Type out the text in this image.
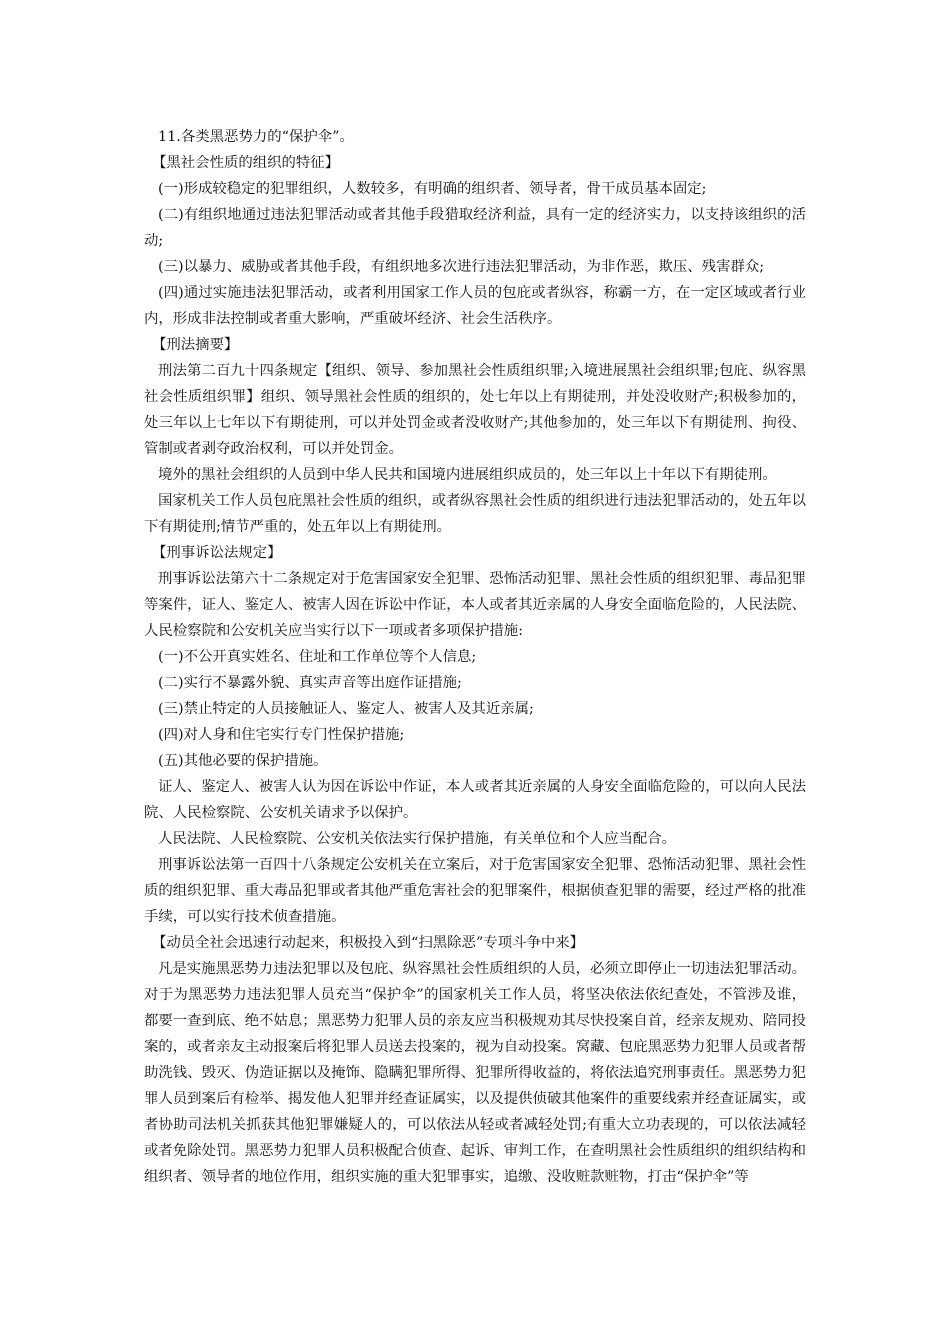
11.各类黑恶势力的“保护伞”。

【黑社会性质的组织的特征】

(一)形成较稳定的犯罪组织，人数较多，有明确的组织者、领导者，骨干成员基本固定;

(二)有组织地通过违法犯罪活动或者其他手段猎取经济利益，具有一定的经济实力，以支持该组织的活动;

(三)以暴力、威胁或者其他手段，有组织地多次进行违法犯罪活动，为非作恶，欺压、残害群众;

(四)通过实施违法犯罪活动，或者利用国家工作人员的包庇或者纵容，称霸一方，在一定区域或者行业内，形成非法控制或者重大影响，严重破坏经济、社会生活秩序。

【刑法摘要】

刑法第二百九十四条规定【组织、领导、参加黑社会性质组织罪;入境进展黑社会组织罪;包庇、纵容黑社会性质组织罪】组织、领导黑社会性质的组织的，处七年以上有期徒刑，并处没收财产;积极参加的，处三年以上七年以下有期徒刑，可以并处罚金或者没收财产;其他参加的，处三年以下有期徒刑、拘役、管制或者剥夺政治权利，可以并处罚金。

境外的黑社会组织的人员到中华人民共和国境内进展组织成员的，处三年以上十年以下有期徒刑。

国家机关工作人员包庇黑社会性质的组织，或者纵容黑社会性质的组织进行违法犯罪活动的，处五年以下有期徒刑;情节严重的，处五年以上有期徒刑。

【刑事诉讼法规定】

刑事诉讼法第六十二条规定对于危害国家安全犯罪、恐怖活动犯罪、黑社会性质的组织犯罪、毒品犯罪等案件，证人、鉴定人、被害人因在诉讼中作证，本人或者其近亲属的人身安全面临危险的，人民法院、人民检察院和公安机关应当实行以下一项或者多项保护措施:

(一)不公开真实姓名、住址和工作单位等个人信息;

(二)实行不暴露外貌、真实声音等出庭作证措施;

(三)禁止特定的人员接触证人、鉴定人、被害人及其近亲属;

(四)对人身和住宅实行专门性保护措施;

(五)其他必要的保护措施。

证人、鉴定人、被害人认为因在诉讼中作证，本人或者其近亲属的人身安全面临危险的，可以向人民法院、人民检察院、公安机关请求予以保护。

人民法院、人民检察院、公安机关依法实行保护措施，有关单位和个人应当配合。

刑事诉讼法第一百四十八条规定公安机关在立案后，对于危害国家安全犯罪、恐怖活动犯罪、黑社会性质的组织犯罪、重大毒品犯罪或者其他严重危害社会的犯罪案件，根据侦查犯罪的需要，经过严格的批准手续，可以实行技术侦查措施。

【动员全社会迅速行动起来，积极投入到“扫黑除恶”专项斗争中来】

凡是实施黑恶势力违法犯罪以及包庇、纵容黑社会性质组织的人员，必须立即停止一切违法犯罪活动。对于为黑恶势力违法犯罪人员充当“保护伞”的国家机关工作人员，将坚决依法依纪查处，不管涉及谁，都要一查到底、绝不姑息；黑恶势力犯罪人员的亲友应当积极规劝其尽快投案自首，经亲友规劝、陪同投案的，或者亲友主动报案后将犯罪人员送去投案的，视为自动投案。窝藏、包庇黑恶势力犯罪人员或者帮助洗钱、毁灭、伪造证据以及掩饰、隐瞒犯罪所得、犯罪所得收益的，将依法追究刑事责任。黑恶势力犯罪人员到案后有检举、揭发他人犯罪并经查证属实，以及提供侦破其他案件的重要线索并经查证属实，或者协助司法机关抓获其他犯罪嫌疑人的，可以依法从轻或者减轻处罚;有重大立功表现的，可以依法减轻或者免除处罚。黑恶势力犯罪人员积极配合侦查、起诉、审判工作，在查明黑社会性质组织的组织结构和组织者、领导者的地位作用，组织实施的重大犯罪事实，追缴、没收赃款赃物，打击“保护伞”等
